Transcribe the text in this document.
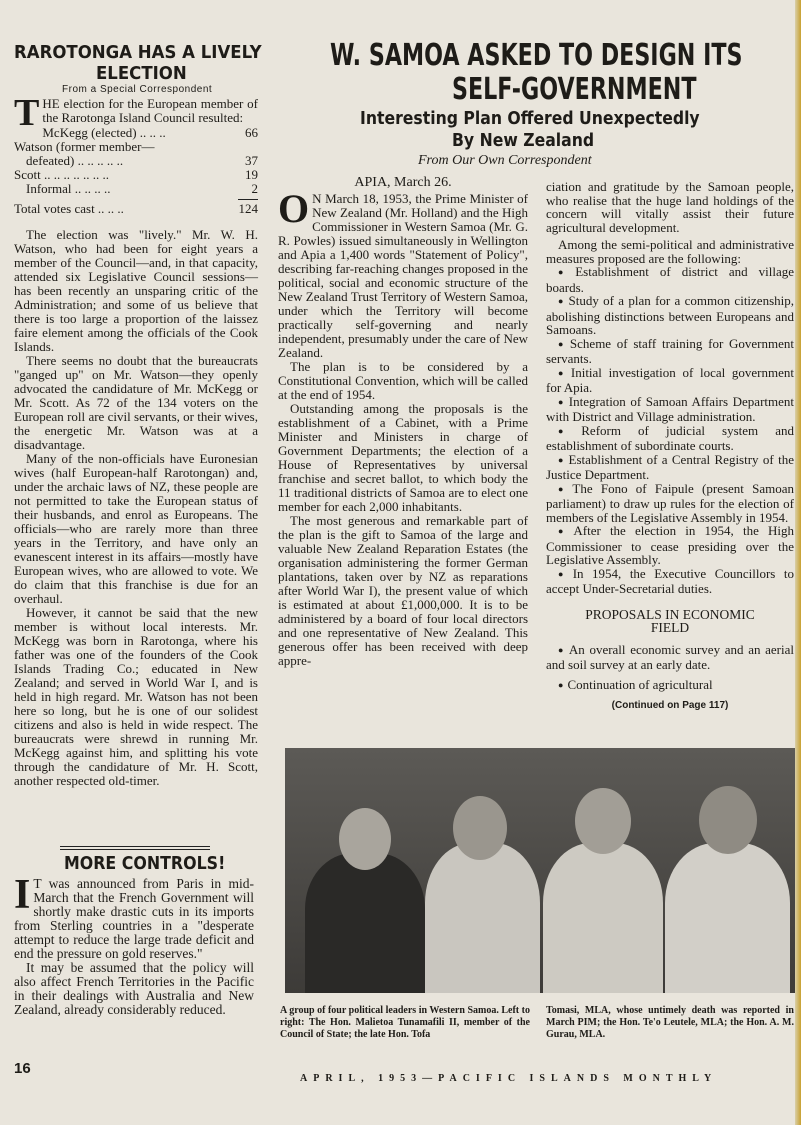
RAROTONGA HAS A LIVELY
ELECTION
From a Special Correspondent

THE election for the European member of the Rarotonga Island Council resulted:

McKegg (elected) .. .. ..	66
Watson (former member—
defeated) .. .. .. .. ..	37
Scott .. .. .. .. .. .. ..	19
Informal .. .. .. ..	2
Total votes cast .. .. ..	124

The election was "lively." Mr. W. H. Watson, who had been for eight years a member of the Council—and, in that capacity, attended six Legislative Council sessions—has been recently an unsparing critic of the Administration; and some of us believe that there is too large a proportion of the laissez faire element among the officials of the Cook Islands.

There seems no doubt that the bureaucrats "ganged up" on Mr. Watson—they openly advocated the candidature of Mr. McKegg or Mr. Scott. As 72 of the 134 voters on the European roll are civil servants, or their wives, the energetic Mr. Watson was at a disadvantage.

Many of the non-officials have Euronesian wives (half European-half Rarotongan) and, under the archaic laws of NZ, these people are not permitted to take the European status of their husbands, and enrol as Europeans. The officials—who are rarely more than three years in the Territory, and have only an evanescent interest in its affairs—mostly have European wives, who are allowed to vote. We do claim that this franchise is due for an overhaul.

However, it cannot be said that the new member is without local interests. Mr. McKegg was born in Rarotonga, where his father was one of the founders of the Cook Islands Trading Co.; educated in New Zealand; and served in World War I, and is held in high regard. Mr. Watson has not been here so long, but he is one of our solidest citizens and also is held in wide respect. The bureaucrats were shrewd in running Mr. McKegg against him, and splitting his vote through the candidature of Mr. H. Scott, another respected old-timer.

MORE CONTROLS!

I T was announced from Paris in mid-March that the French Government will shortly make drastic cuts in its imports from Sterling countries in a "desperate attempt to reduce the large trade deficit and end the pressure on gold reserves."

It may be assumed that the policy will also affect French Territories in the Pacific in their dealings with Australia and New Zealand, already considerably reduced.

16
W. SAMOA ASKED TO DESIGN ITS
SELF-GOVERNMENT
Interesting Plan Offered Unexpectedly
By New Zealand
From Our Own Correspondent

APIA, March 26.

O N March 18, 1953, the Prime Minister of New Zealand (Mr. Holland) and the High Commissioner in Western Samoa (Mr. G. R. Powles) issued simultaneously in Wellington and Apia a 1,400 words "Statement of Policy", describing far-reaching changes proposed in the political, social and economic structure of the New Zealand Trust Territory of Western Samoa, under which the Territory will become practically self-governing and nearly independent, presumably under the care of New Zealand.

The plan is to be considered by a Constitutional Convention, which will be called at the end of 1954.

Outstanding among the proposals is the establishment of a Cabinet, with a Prime Minister and Ministers in charge of Government Departments; the election of a House of Representatives by universal franchise and secret ballot, to which body the 11 traditional districts of Samoa are to elect one member for each 2,000 inhabitants.

The most generous and remarkable part of the plan is the gift to Samoa of the large and valuable New Zealand Reparation Estates (the organisation administering the former German plantations, taken over by NZ as reparations after World War I), the present value of which is estimated at about £1,000,000. It is to be administered by a board of four local directors and one representative of New Zealand. This generous offer has been received with deep appre-

ciation and gratitude by the Samoan people, who realise that the huge land holdings of the concern will vitally assist their future agricultural development.

Among the semi-political and administrative measures proposed are the following:

● Establishment of district and village boards.

● Study of a plan for a common citizenship, abolishing distinctions between Europeans and Samoans.

● Scheme of staff training for Government servants.

● Initial investigation of local government for Apia.

● Integration of Samoan Affairs Department with District and Village administration.

● Reform of judicial system and establishment of subordinate courts.

● Establishment of a Central Registry of the Justice Department.

● The Fono of Faipule (present Samoan parliament) to draw up rules for the election of members of the Legislative Assembly in 1954.

● After the election in 1954, the High Commissioner to cease presiding over the Legislative Assembly.

● In 1954, the Executive Councillors to accept Under-Secretarial duties.

PROPOSALS IN ECONOMIC

FIELD

● An overall economic survey and an aerial and soil survey at an early date.

● Continuation of agricultural

(Continued on Page 117)

A group of four political leaders in Western Samoa. Left to right: The Hon. Malietoa Tunamafili II, member of the Council of State; the late Hon. Tofa
Tomasi, MLA, whose untimely death was reported in March PIM; the Hon. Te'o Leutele, MLA; the Hon. A. M. Gurau, MLA.
APRIL, 1953—PACIFIC ISLANDS MONTHLY
